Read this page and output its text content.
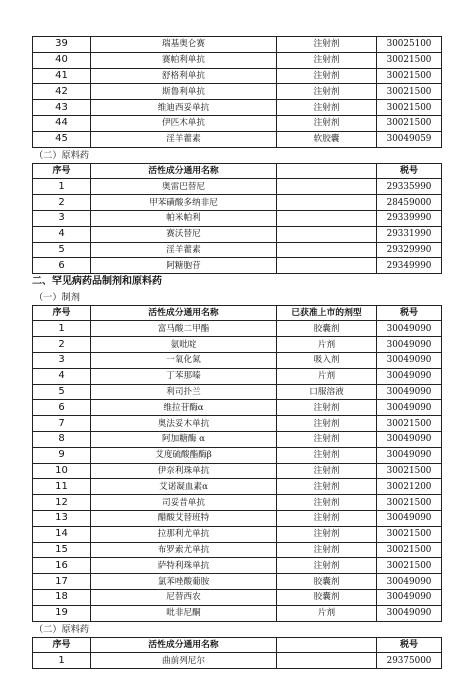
39	瑞基奥仑赛	注射剂	30025100
40	赛帕利单抗	注射剂	30021500
41	舒格利单抗	注射剂	30021500
42	斯鲁利单抗	注射剂	30021500
43	维迪西妥单抗	注射剂	30021500
44	伊匹木单抗	注射剂	30021500
45	淫羊藿素	软胶囊	30049059
（二）原料药
序号	活性成分通用名称		税号
1	奥雷巴替尼		29335990
2	甲苯磺酸多纳非尼		28459000
3	帕米帕利		29339990
4	赛沃替尼		29331990
5	淫羊藿素		29329990
6	阿糖胞苷		29349990
二、罕见病药品制剂和原料药
（一）制剂
序号	活性成分通用名称	已获准上市的剂型	税号
1	富马酸二甲酯	胶囊剂	30049090
2	氨吡啶	片剂	30049090
3	一氧化氮	吸入剂	30049090
4	丁苯那嗪	片剂	30049090
5	利司扑兰	口服溶液	30049090
6	维拉苷酶α	注射剂	30049090
7	奥法妥木单抗	注射剂	30021500
8	阿加糖酶 α	注射剂	30049090
9	艾度硫酸酯酶β	注射剂	30049090
10	伊奈利珠单抗	注射剂	30021500
11	艾诺凝血素α	注射剂	30021200
12	司妥昔单抗	注射剂	30021500
13	醋酸艾替班特	注射剂	30049090
14	拉那利尤单抗	注射剂	30021500
15	布罗索尤单抗	注射剂	30021500
16	萨特利珠单抗	注射剂	30021500
17	氯苯唑酸葡胺	胶囊剂	30049090
18	尼替西农	胶囊剂	30049090
19	吡非尼酮	片剂	30049090
（二）原料药
序号	活性成分通用名称		税号
1	曲前列尼尔		29375000
